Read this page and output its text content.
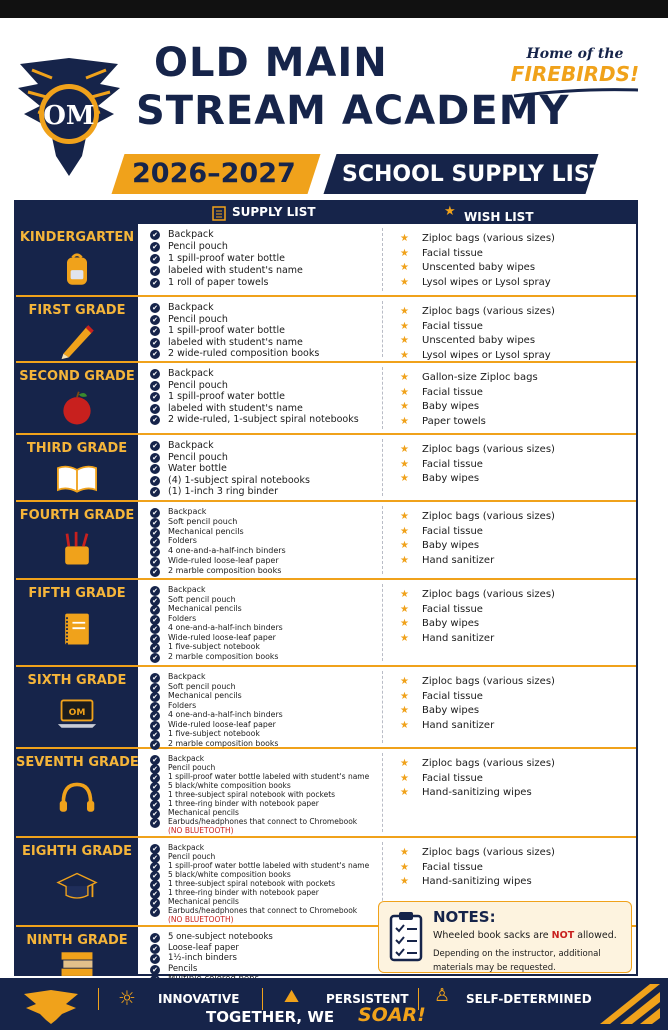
OM
OLD MAIN
STREAM ACADEMY
Home of the
FIREBIRDS!
2026–2027 SCHOOL SUPPLY LIST
SUPPLY LIST	★ WISH LIST
KINDERGARTEN	✔ Backpack
✔ Pencil pouch
✔ 1 spill-proof water bottle
✔ labeled with student's name
✔ 1 roll of paper towels
★ Ziploc bags (various sizes)
★ Facial tissue
★ Unscented baby wipes
★ Lysol wipes or Lysol spray
FIRST GRADE	✔ Backpack
✔ Pencil pouch
✔ 1 spill-proof water bottle
✔ labeled with student's name
✔ 2 wide-ruled composition books
★ Ziploc bags (various sizes)
★ Facial tissue
★ Unscented baby wipes
★ Lysol wipes or Lysol spray
SECOND GRADE	✔ Backpack
✔ Pencil pouch
✔ 1 spill-proof water bottle
✔ labeled with student's name
✔ 2 wide-ruled, 1-subject spiral notebooks
★ Gallon-size Ziploc bags
★ Facial tissue
★ Baby wipes
★ Paper towels
THIRD GRADE	✔ Backpack
✔ Pencil pouch
✔ Water bottle
✔ (4) 1-subject spiral notebooks
✔ (1) 1-inch 3 ring binder
★ Ziploc bags (various sizes)
★ Facial tissue
★ Baby wipes
FOURTH GRADE	✔ Backpack
✔ Soft pencil pouch
✔ Mechanical pencils
✔ Folders
✔ 4 one-and-a-half-inch binders
✔ Wide-ruled loose-leaf paper
✔ 2 marble composition books
★ Ziploc bags (various sizes)
★ Facial tissue
★ Baby wipes
★ Hand sanitizer
FIFTH GRADE	✔ Backpack
✔ Soft pencil pouch
✔ Mechanical pencils
✔ Folders
✔ 4 one-and-a-half-inch binders
✔ Wide-ruled loose-leaf paper
✔ 1 five-subject notebook
✔ 2 marble composition books
★ Ziploc bags (various sizes)
★ Facial tissue
★ Baby wipes
★ Hand sanitizer
SIXTH GRADE
OM
✔ Backpack
✔ Soft pencil pouch
✔ Mechanical pencils
✔ Folders
✔ 4 one-and-a-half-inch binders
✔ Wide-ruled loose-leaf paper
✔ 1 five-subject notebook
✔ 2 marble composition books
★ Ziploc bags (various sizes)
★ Facial tissue
★ Baby wipes
★ Hand sanitizer
SEVENTH GRADE	✔ Backpack
✔ Pencil pouch
✔ 1 spill-proof water bottle labeled with student's name
✔ 5 black/white composition books
✔ 1 three-subject spiral notebook with pockets
✔ 1 three-ring binder with notebook paper
✔ Mechanical pencils
✔ Earbuds/headphones that connect to Chromebook
(NO BLUETOOTH)
★ Ziploc bags (various sizes)
★ Facial tissue
★ Hand-sanitizing wipes
EIGHTH GRADE	✔ Backpack
✔ Pencil pouch
✔ 1 spill-proof water bottle labeled with student's name
✔ 5 black/white composition books
✔ 1 three-subject spiral notebook with pockets
✔ 1 three-ring binder with notebook paper
✔ Mechanical pencils
✔ Earbuds/headphones that connect to Chromebook
(NO BLUETOOTH)
★ Ziploc bags (various sizes)
★ Facial tissue
★ Hand-sanitizing wipes
NINTH GRADE	✔ 5 one-subject notebooks
✔ Loose-leaf paper
✔ 1½-inch binders
✔ Pencils
✔
NOTES:
Wheeled book sacks are NOT allowed.
Depending on the instructor, additional materials may be requested.
☼ INNOVATIVE ⛰ PERSISTENT ♙ SELF-DETERMINED
TOGETHER, WE SOAR!
